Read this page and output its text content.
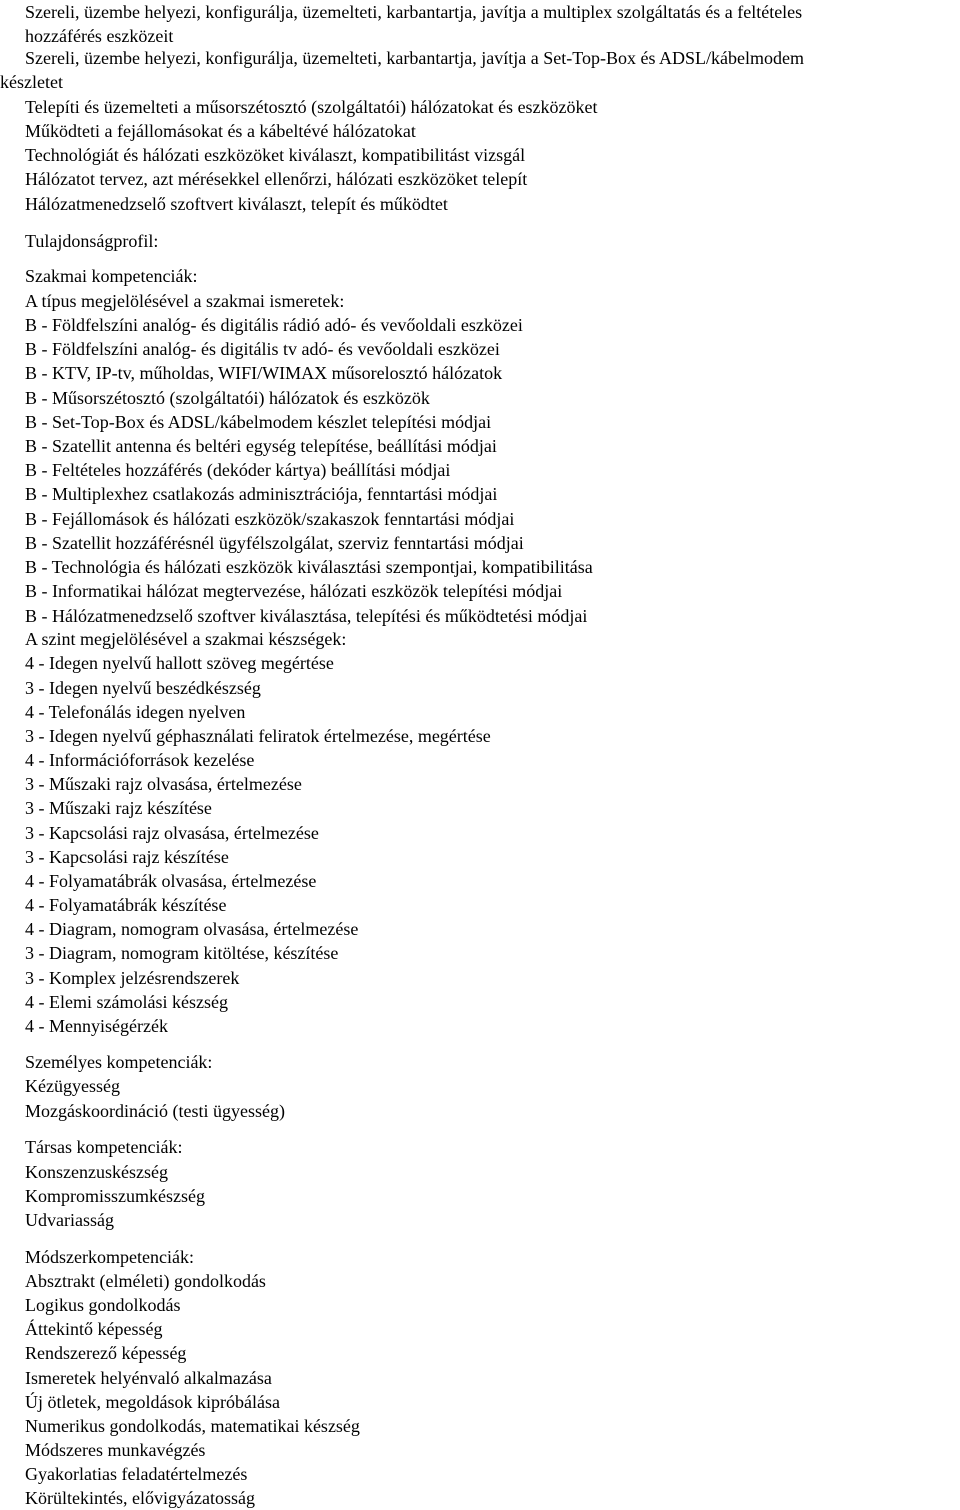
Szereli, üzembe helyezi, konfigurálja, üzemelteti, karbantartja, javítja a multiplex szolgáltatás és a feltételes
hozzáférés eszközeit
Szereli, üzembe helyezi, konfigurálja, üzemelteti, karbantartja, javítja a Set-Top-Box és ADSL/kábelmodem
készletet
Telepíti és üzemelteti a műsorszétosztó (szolgáltatói) hálózatokat és eszközöket
Működteti a fejállomásokat és a kábeltévé hálózatokat
Technológiát és hálózati eszközöket kiválaszt, kompatibilitást vizsgál
Hálózatot tervez, azt mérésekkel ellenőrzi, hálózati eszközöket telepít
Hálózatmenedzselő szoftvert kiválaszt, telepít és működtet
Tulajdonságprofil:
Szakmai kompetenciák:
A típus megjelölésével a szakmai ismeretek:
B - Földfelszíni analóg- és digitális rádió adó- és vevőoldali eszközei
B - Földfelszíni analóg- és digitális tv adó- és vevőoldali eszközei
B - KTV, IP-tv, műholdas, WIFI/WIMAX műsorelosztó hálózatok
B - Műsorszétosztó (szolgáltatói) hálózatok és eszközök
B - Set-Top-Box és ADSL/kábelmodem készlet telepítési módjai
B - Szatellit antenna és beltéri egység telepítése, beállítási módjai
B - Feltételes hozzáférés (dekóder kártya) beállítási módjai
B - Multiplexhez csatlakozás adminisztrációja, fenntartási módjai
B - Fejállomások és hálózati eszközök/szakaszok fenntartási módjai
B - Szatellit hozzáférésnél ügyfélszolgálat, szerviz fenntartási módjai
B - Technológia és hálózati eszközök kiválasztási szempontjai, kompatibilitása
B - Informatikai hálózat megtervezése, hálózati eszközök telepítési módjai
B - Hálózatmenedzselő szoftver kiválasztása, telepítési és működtetési módjai
A szint megjelölésével a szakmai készségek:
4 - Idegen nyelvű hallott szöveg megértése
3 - Idegen nyelvű beszédkészség
4 - Telefonálás idegen nyelven
3 - Idegen nyelvű géphasználati feliratok értelmezése, megértése
4 - Információforrások kezelése
3 - Műszaki rajz olvasása, értelmezése
3 - Műszaki rajz készítése
3 - Kapcsolási rajz olvasása, értelmezése
3 - Kapcsolási rajz készítése
4 - Folyamatábrák olvasása, értelmezése
4 - Folyamatábrák készítése
4 - Diagram, nomogram olvasása, értelmezése
3 - Diagram, nomogram kitöltése, készítése
3 - Komplex jelzésrendszerek
4 - Elemi számolási készség
4 - Mennyiségérzék
Személyes kompetenciák:
Kézügyesség
Mozgáskoordináció (testi ügyesség)
Társas kompetenciák:
Konszenzuskészség
Kompromisszumkészség
Udvariasság
Módszerkompetenciák:
Absztrakt (elméleti) gondolkodás
Logikus gondolkodás
Áttekintő képesség
Rendszerező képesség
Ismeretek helyénvaló alkalmazása
Új ötletek, megoldások kipróbálása
Numerikus gondolkodás, matematikai készség
Módszeres munkavégzés
Gyakorlatias feladatértelmezés
Körültekintés, elővigyázatosság
